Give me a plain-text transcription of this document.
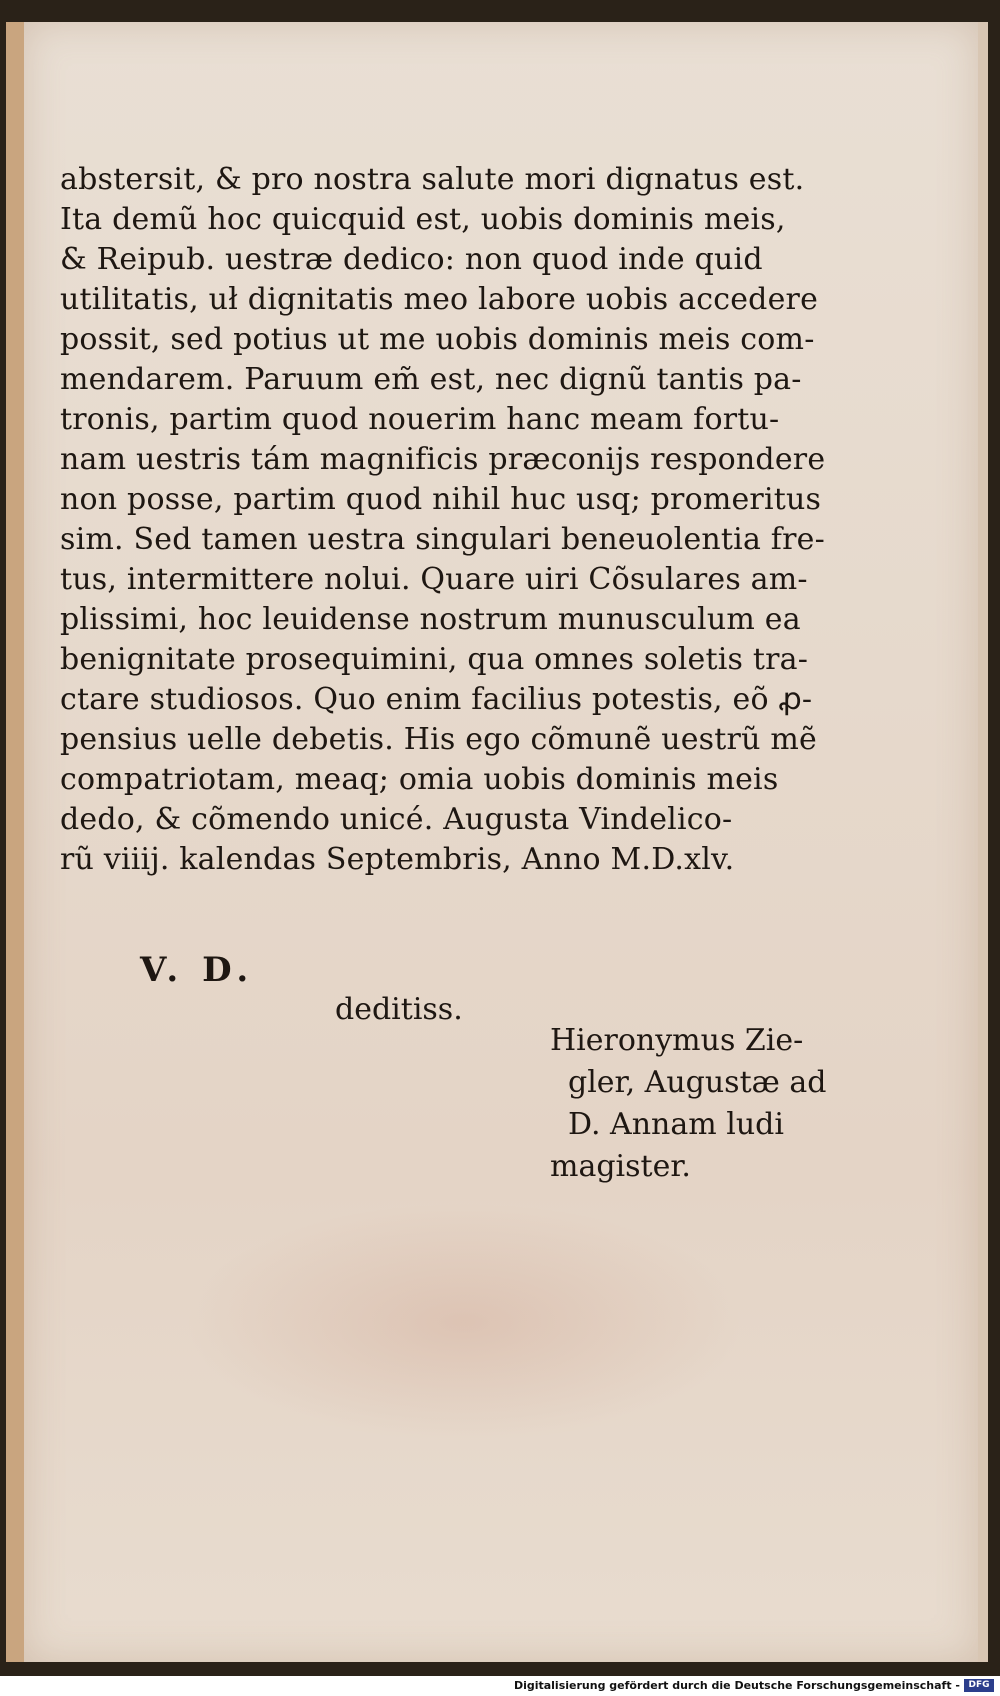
abstersit, & pro nostra salute mori dignatus est.
Ita demũ hoc quicquid est, uobis dominis meis,
& Reipub. uestræ dedico: non quod inde quid
utilitatis, uł dignitatis meo labore uobis accedere
possit, sed potius ut me uobis dominis meis com-
mendarem. Paruum em̃ est, nec dignũ tantis pa-
tronis, partim quod nouerim hanc meam fortu-
nam uestris tám magnificis præconijs respondere
non posse, partim quod nihil huc usq; promeritus
sim. Sed tamen uestra singulari beneuolentia fre-
tus, intermittere nolui. Quare uiri Cõsulares am-
plissimi, hoc leuidense nostrum munusculum ea
benignitate prosequimini, qua omnes soletis tra-
ctare studiosos. Quo enim facilius potestis, eõ ꝓ-
pensius uelle debetis. His ego cõmunẽ uestrũ mẽ
compatriotam, meaq; omia uobis dominis meis
dedo, & cõmendo unicé. Augusta Vindelico-
rũ viiij. kalendas Septembris, Anno M.D.xlv.
V. D.
deditiss.
Hieronymus Zie-
gler, Augustæ ad
D. Annam ludi
magister.
Digitalisierung gefördert durch die Deutsche Forschungsgemeinschaft - DFG
